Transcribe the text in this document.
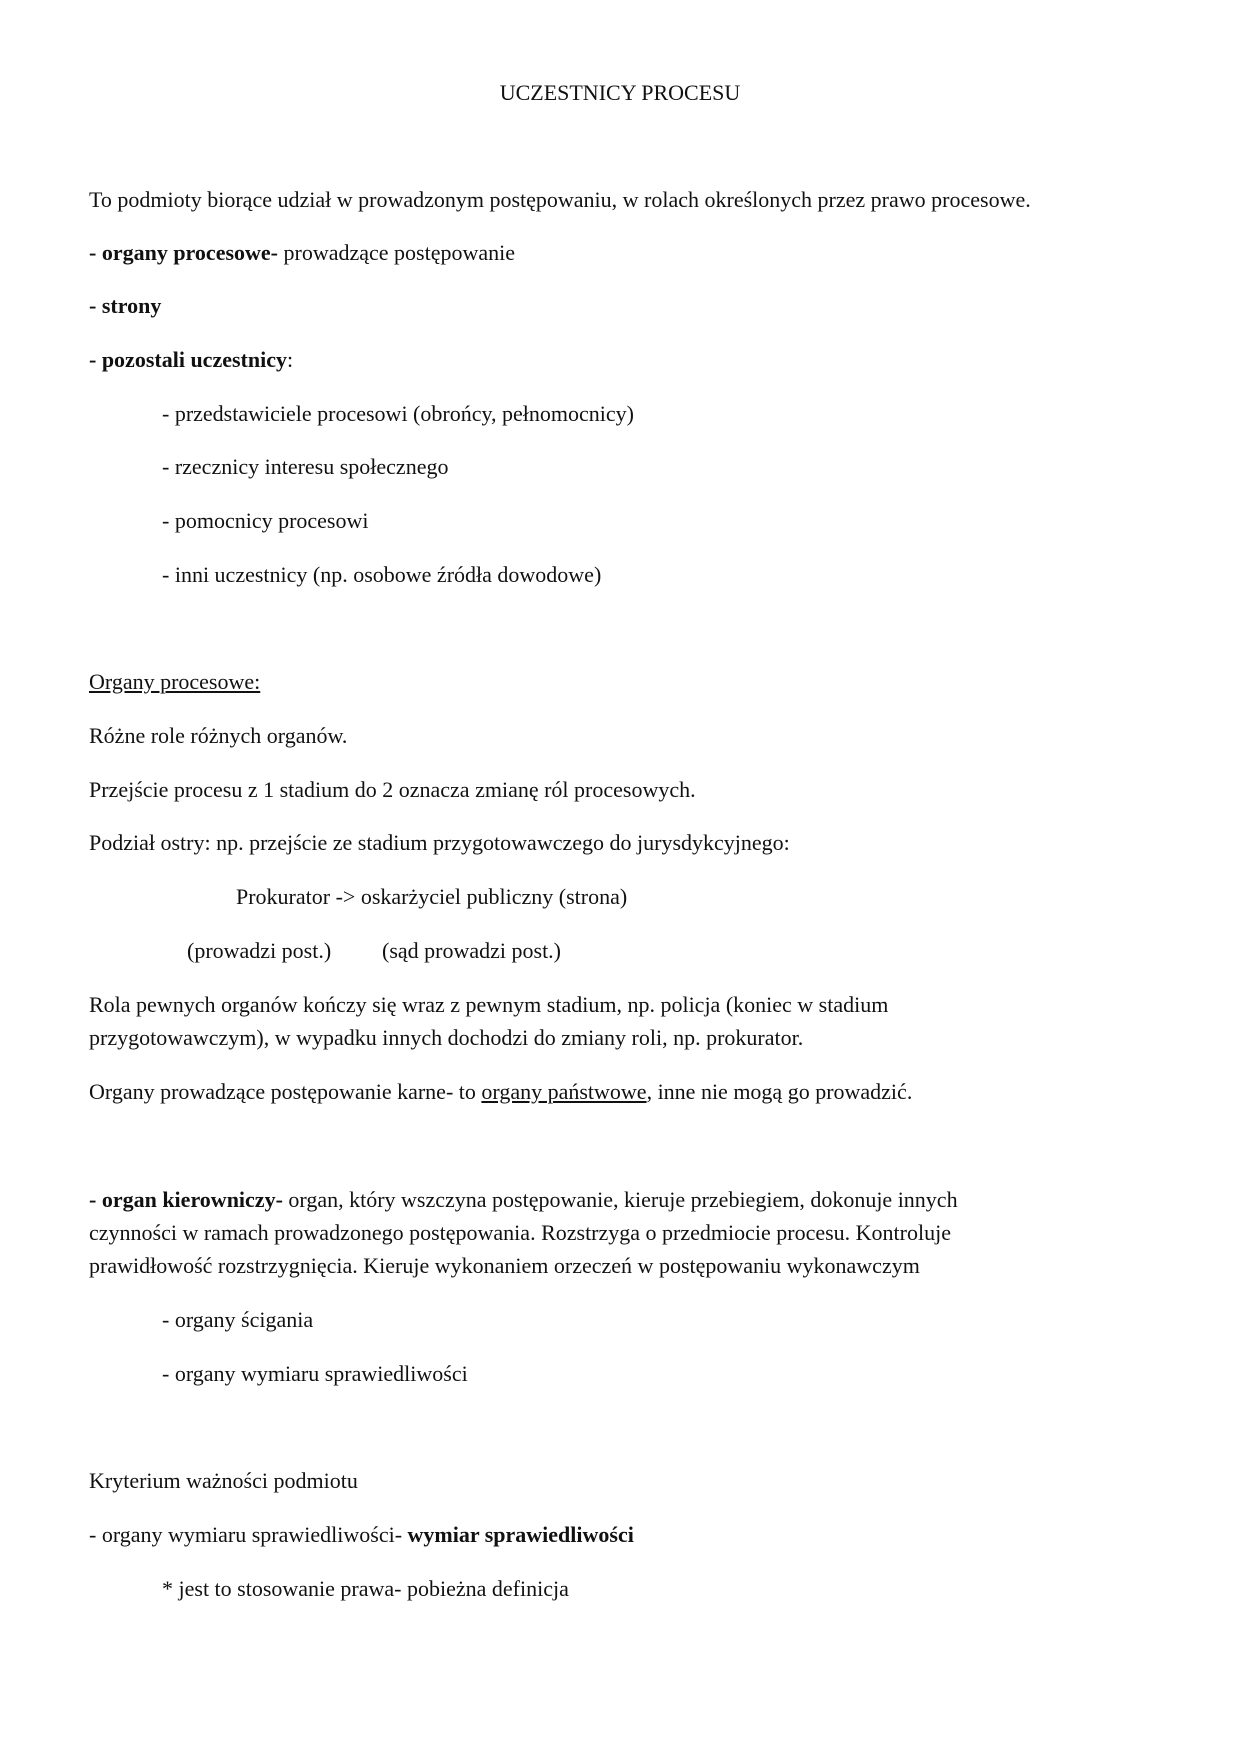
UCZESTNICY PROCESU
To podmioty biorące udział w prowadzonym postępowaniu, w rolach określonych przez prawo procesowe.
- organy procesowe- prowadzące postępowanie
- strony
- pozostali uczestnicy:
- przedstawiciele procesowi (obrońcy, pełnomocnicy)
- rzecznicy interesu społecznego
- pomocnicy procesowi
- inni uczestnicy (np. osobowe źródła dowodowe)
Organy procesowe:
Różne role różnych organów.
Przejście procesu z 1 stadium do 2 oznacza zmianę ról procesowych.
Podział ostry: np. przejście ze stadium przygotowawczego do jurysdykcyjnego:
Prokurator -> oskarżyciel publiczny (strona)
(prowadzi post.) (sąd prowadzi post.)
Rola pewnych organów kończy się wraz z pewnym stadium, np. policja (koniec w stadium
przygotowawczym), w wypadku innych dochodzi do zmiany roli, np. prokurator.
Organy prowadzące postępowanie karne- to organy państwowe, inne nie mogą go prowadzić.
- organ kierowniczy- organ, który wszczyna postępowanie, kieruje przebiegiem, dokonuje innych
czynności w ramach prowadzonego postępowania. Rozstrzyga o przedmiocie procesu. Kontroluje
prawidłowość rozstrzygnięcia. Kieruje wykonaniem orzeczeń w postępowaniu wykonawczym
- organy ścigania
- organy wymiaru sprawiedliwości
Kryterium ważności podmiotu
- organy wymiaru sprawiedliwości- wymiar sprawiedliwości
* jest to stosowanie prawa- pobieżna definicja
